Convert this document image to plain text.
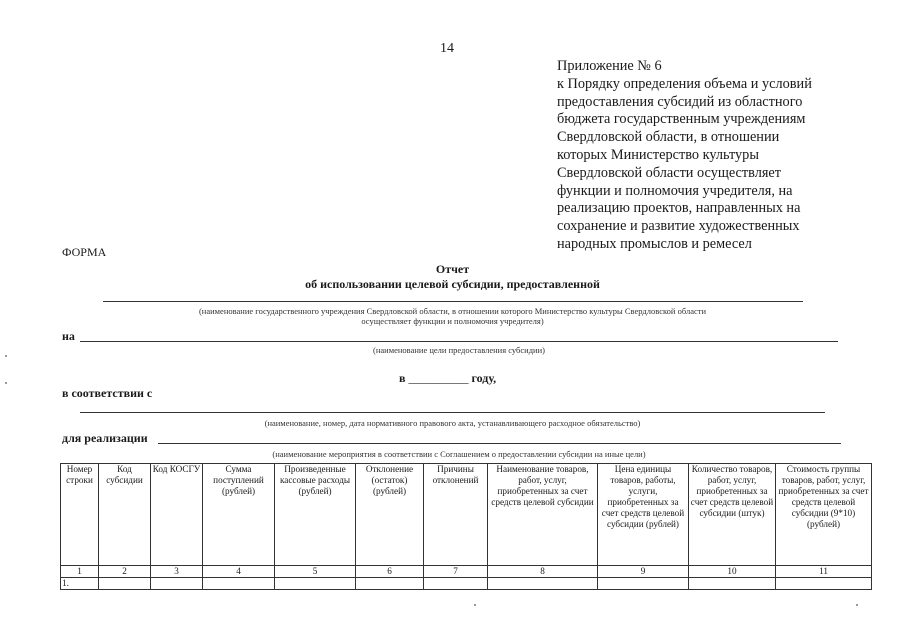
14
Приложение № 6
к Порядку определения объема и условий
предоставления субсидий из областного
бюджета государственным учреждениям
Свердловской области, в отношении
которых Министерство культуры
Свердловской области осуществляет
функции и полномочия учредителя, на
реализацию проектов, направленных на
сохранение и развитие художественных
народных промыслов и ремесел
ФОРМА
Отчет
об использовании целевой субсидии, предоставленной
(наименование государственного учреждения Свердловской области, в отношении которого Министерство культуры Свердловской области
осуществляет функции и полномочия учредителя)
на
(наименование цели предоставления субсидии)
в __________ году,
в соответствии с
(наименование, номер, дата нормативного правового акта, устанавливающего расходное обязательство)
для реализации
(наименование мероприятия в соответствии с Соглашением о предоставлении субсидии на иные цели)
Номер строки	Код субсидии	Код КОСГУ	Сумма поступлений (рублей)	Произведенные кассовые расходы (рублей)	Отклонение (остаток) (рублей)	Причины отклонений	Наименование товаров, работ, услуг, приобретенных за счет средств целевой субсидии	Цена единицы товаров, работы, услуги, приобретенных за счет средств целевой субсидии (рублей)	Количество товаров, работ, услуг, приобретенных за счет средств целевой субсидии (штук)	Стоимость группы товаров, работ, услуг, приобретенных за счет средств целевой субсидии (9*10) (рублей)
1	2	3	4	5	6	7	8	9	10	11
1.										
